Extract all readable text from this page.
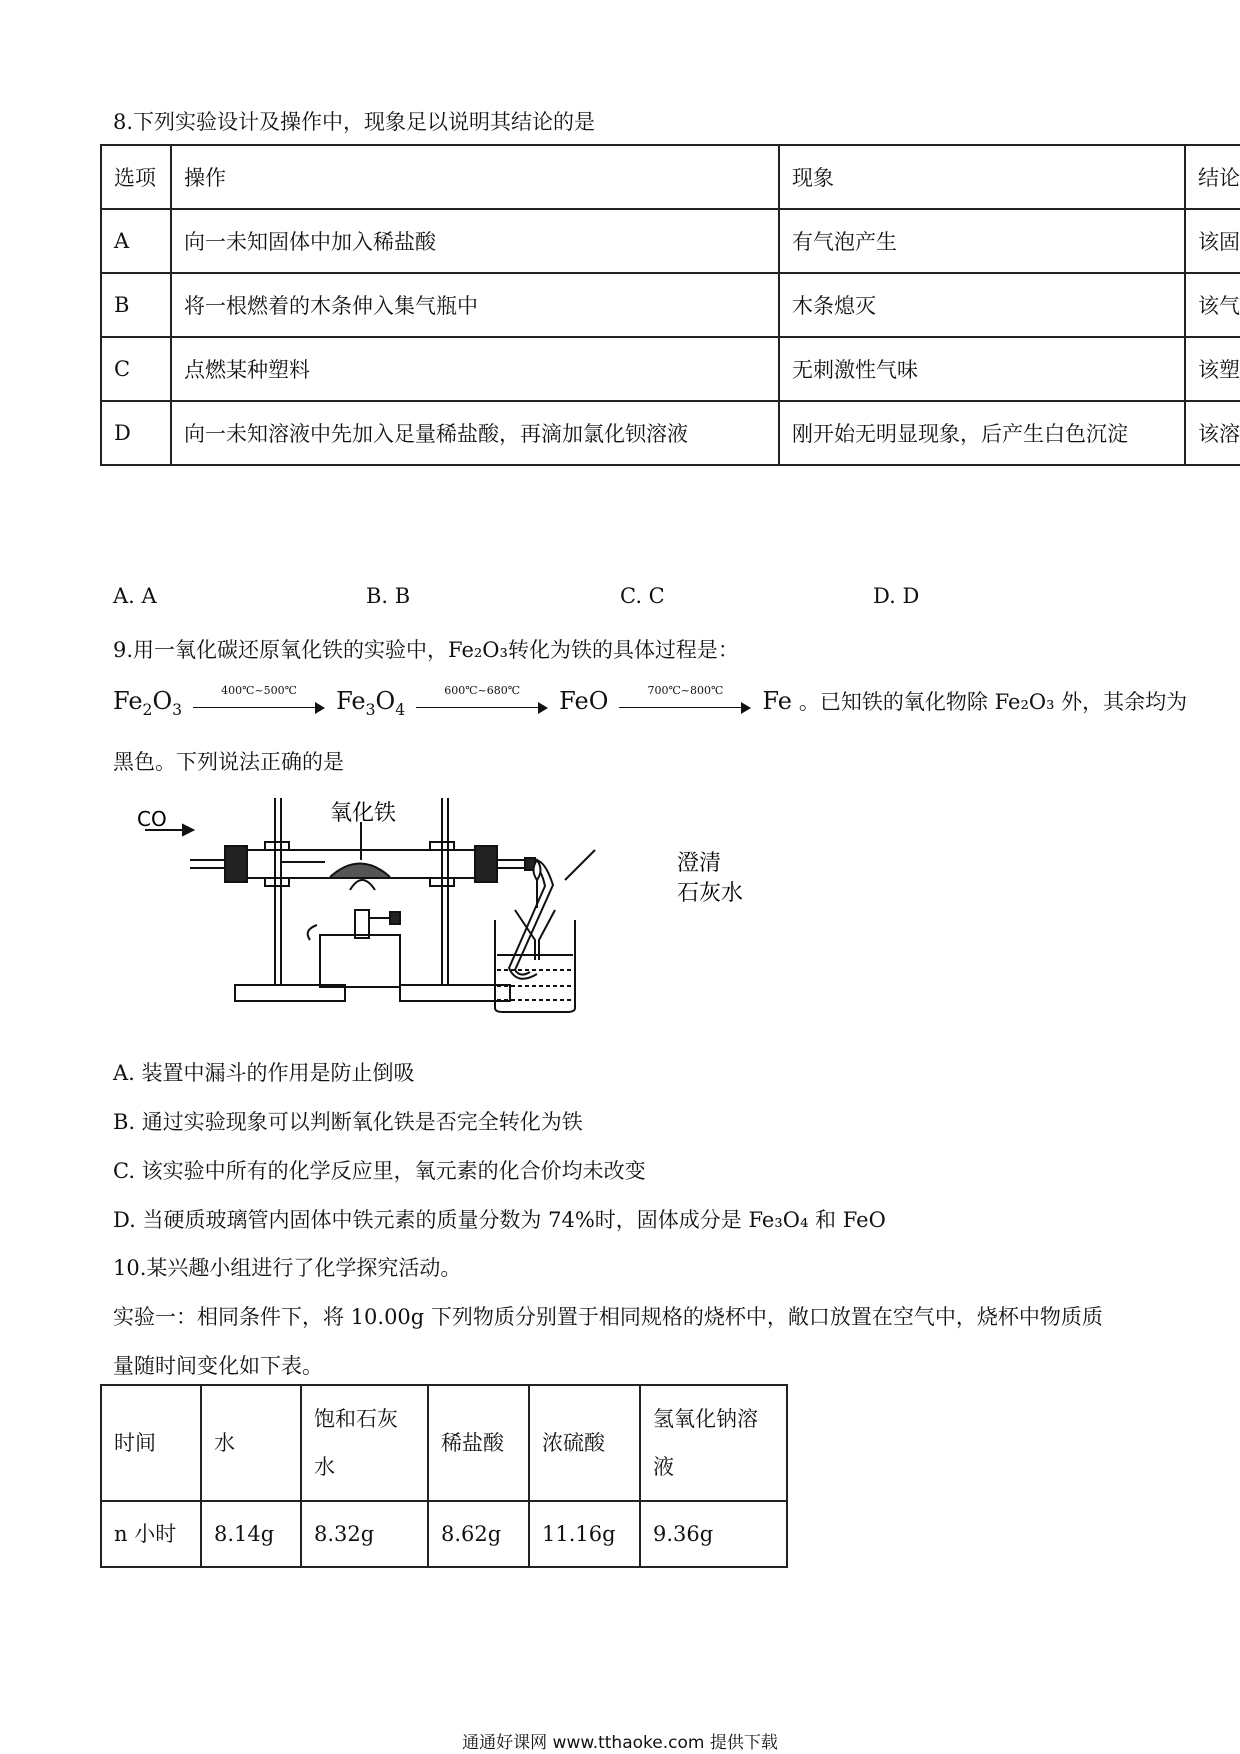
8.下列实验设计及操作中，现象足以说明其结论的是
选项	操作	现象	结论
A	向一未知固体中加入稀盐酸	有气泡产生	该固
B	将一根燃着的木条伸入集气瓶中	木条熄灭	该气
C	点燃某种塑料	无刺激性气味	该塑
D	向一未知溶液中先加入足量稀盐酸，再滴加氯化钡溶液	刚开始无明显现象，后产生白色沉淀	该溶
A. A	B. B	C. C	D. D
9.用一氧化碳还原氧化铁的实验中，Fe₂O₃转化为铁的具体过程是：
$Fe_2O_3$
400℃~500℃	$Fe_3O_4$
600℃~680℃	FeO	700℃~800℃	Fe 。已知铁的氧化物除 Fe₂O₃ 外，其余均为
黑色。下列说法正确的是
CO	氧化铁
澄清
石灰水
A. 装置中漏斗的作用是防止倒吸
B. 通过实验现象可以判断氧化铁是否完全转化为铁
C. 该实验中所有的化学反应里，氧元素的化合价均未改变
D. 当硬质玻璃管内固体中铁元素的质量分数为 74%时，固体成分是 Fe₃O₄ 和 FeO
10.某兴趣小组进行了化学探究活动。
实验一：相同条件下，将 10.00g 下列物质分别置于相同规格的烧杯中，敞口放置在空气中，烧杯中物质质
量随时间变化如下表。
时间	水	饱和石灰水	稀盐酸	浓硫酸	氢氧化钠溶液
n 小时	8.14g	8.32g	8.62g	11.16g	9.36g
通通好课网 www.tthaoke.com 提供下载
